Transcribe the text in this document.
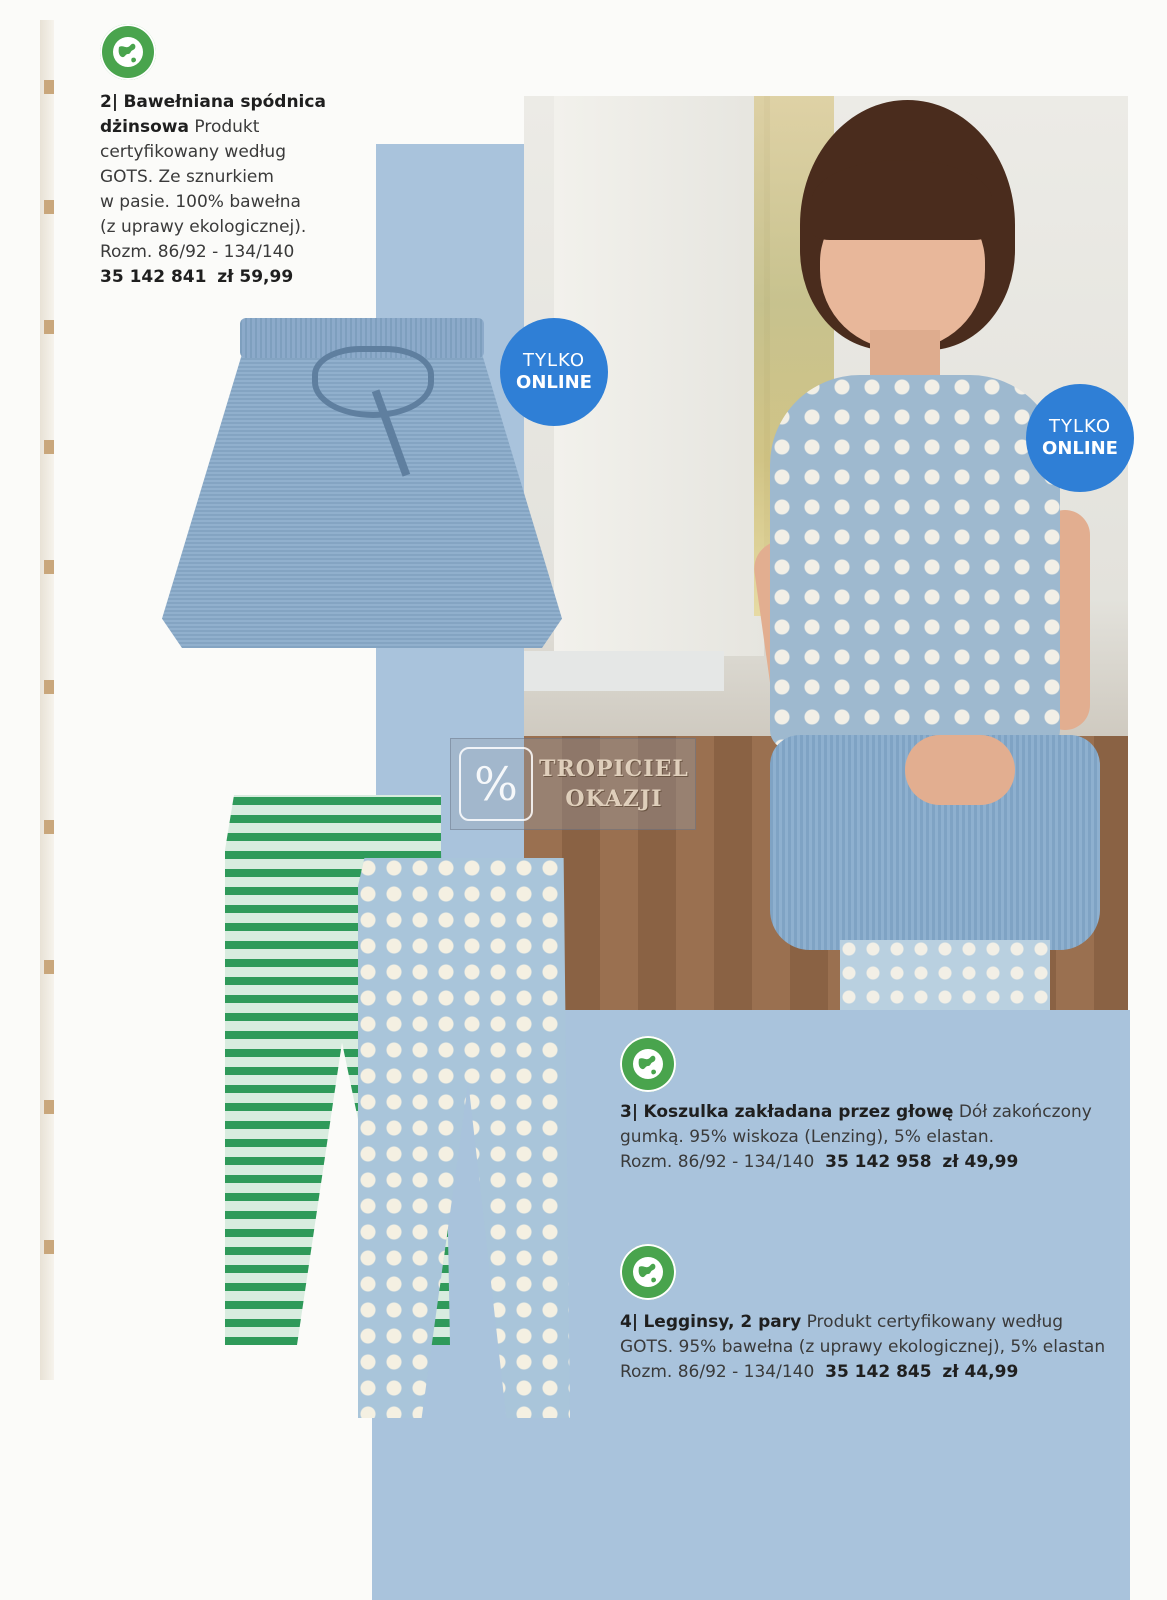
TYLKO
ONLINE
TYLKO
ONLINE
2| Bawełniana spódnica
dżinsowa Produkt
certyfikowany według
GOTS. Ze sznurkiem
w pasie. 100% bawełna
(z uprawy ekologicznej).
Rozm. 86/92 - 134/140
35 142 841 zł 59,99
3| Koszulka zakładana przez głowę Dół zakończony
gumką. 95% wiskoza (Lenzing), 5% elastan.
Rozm. 86/92 - 134/140 35 142 958 zł 49,99
4| Legginsy, 2 pary Produkt certyfikowany według
GOTS. 95% bawełna (z uprawy ekologicznej), 5% elastan
Rozm. 86/92 - 134/140 35 142 845 zł 44,99
% TROPICIEL
OKAZJI
